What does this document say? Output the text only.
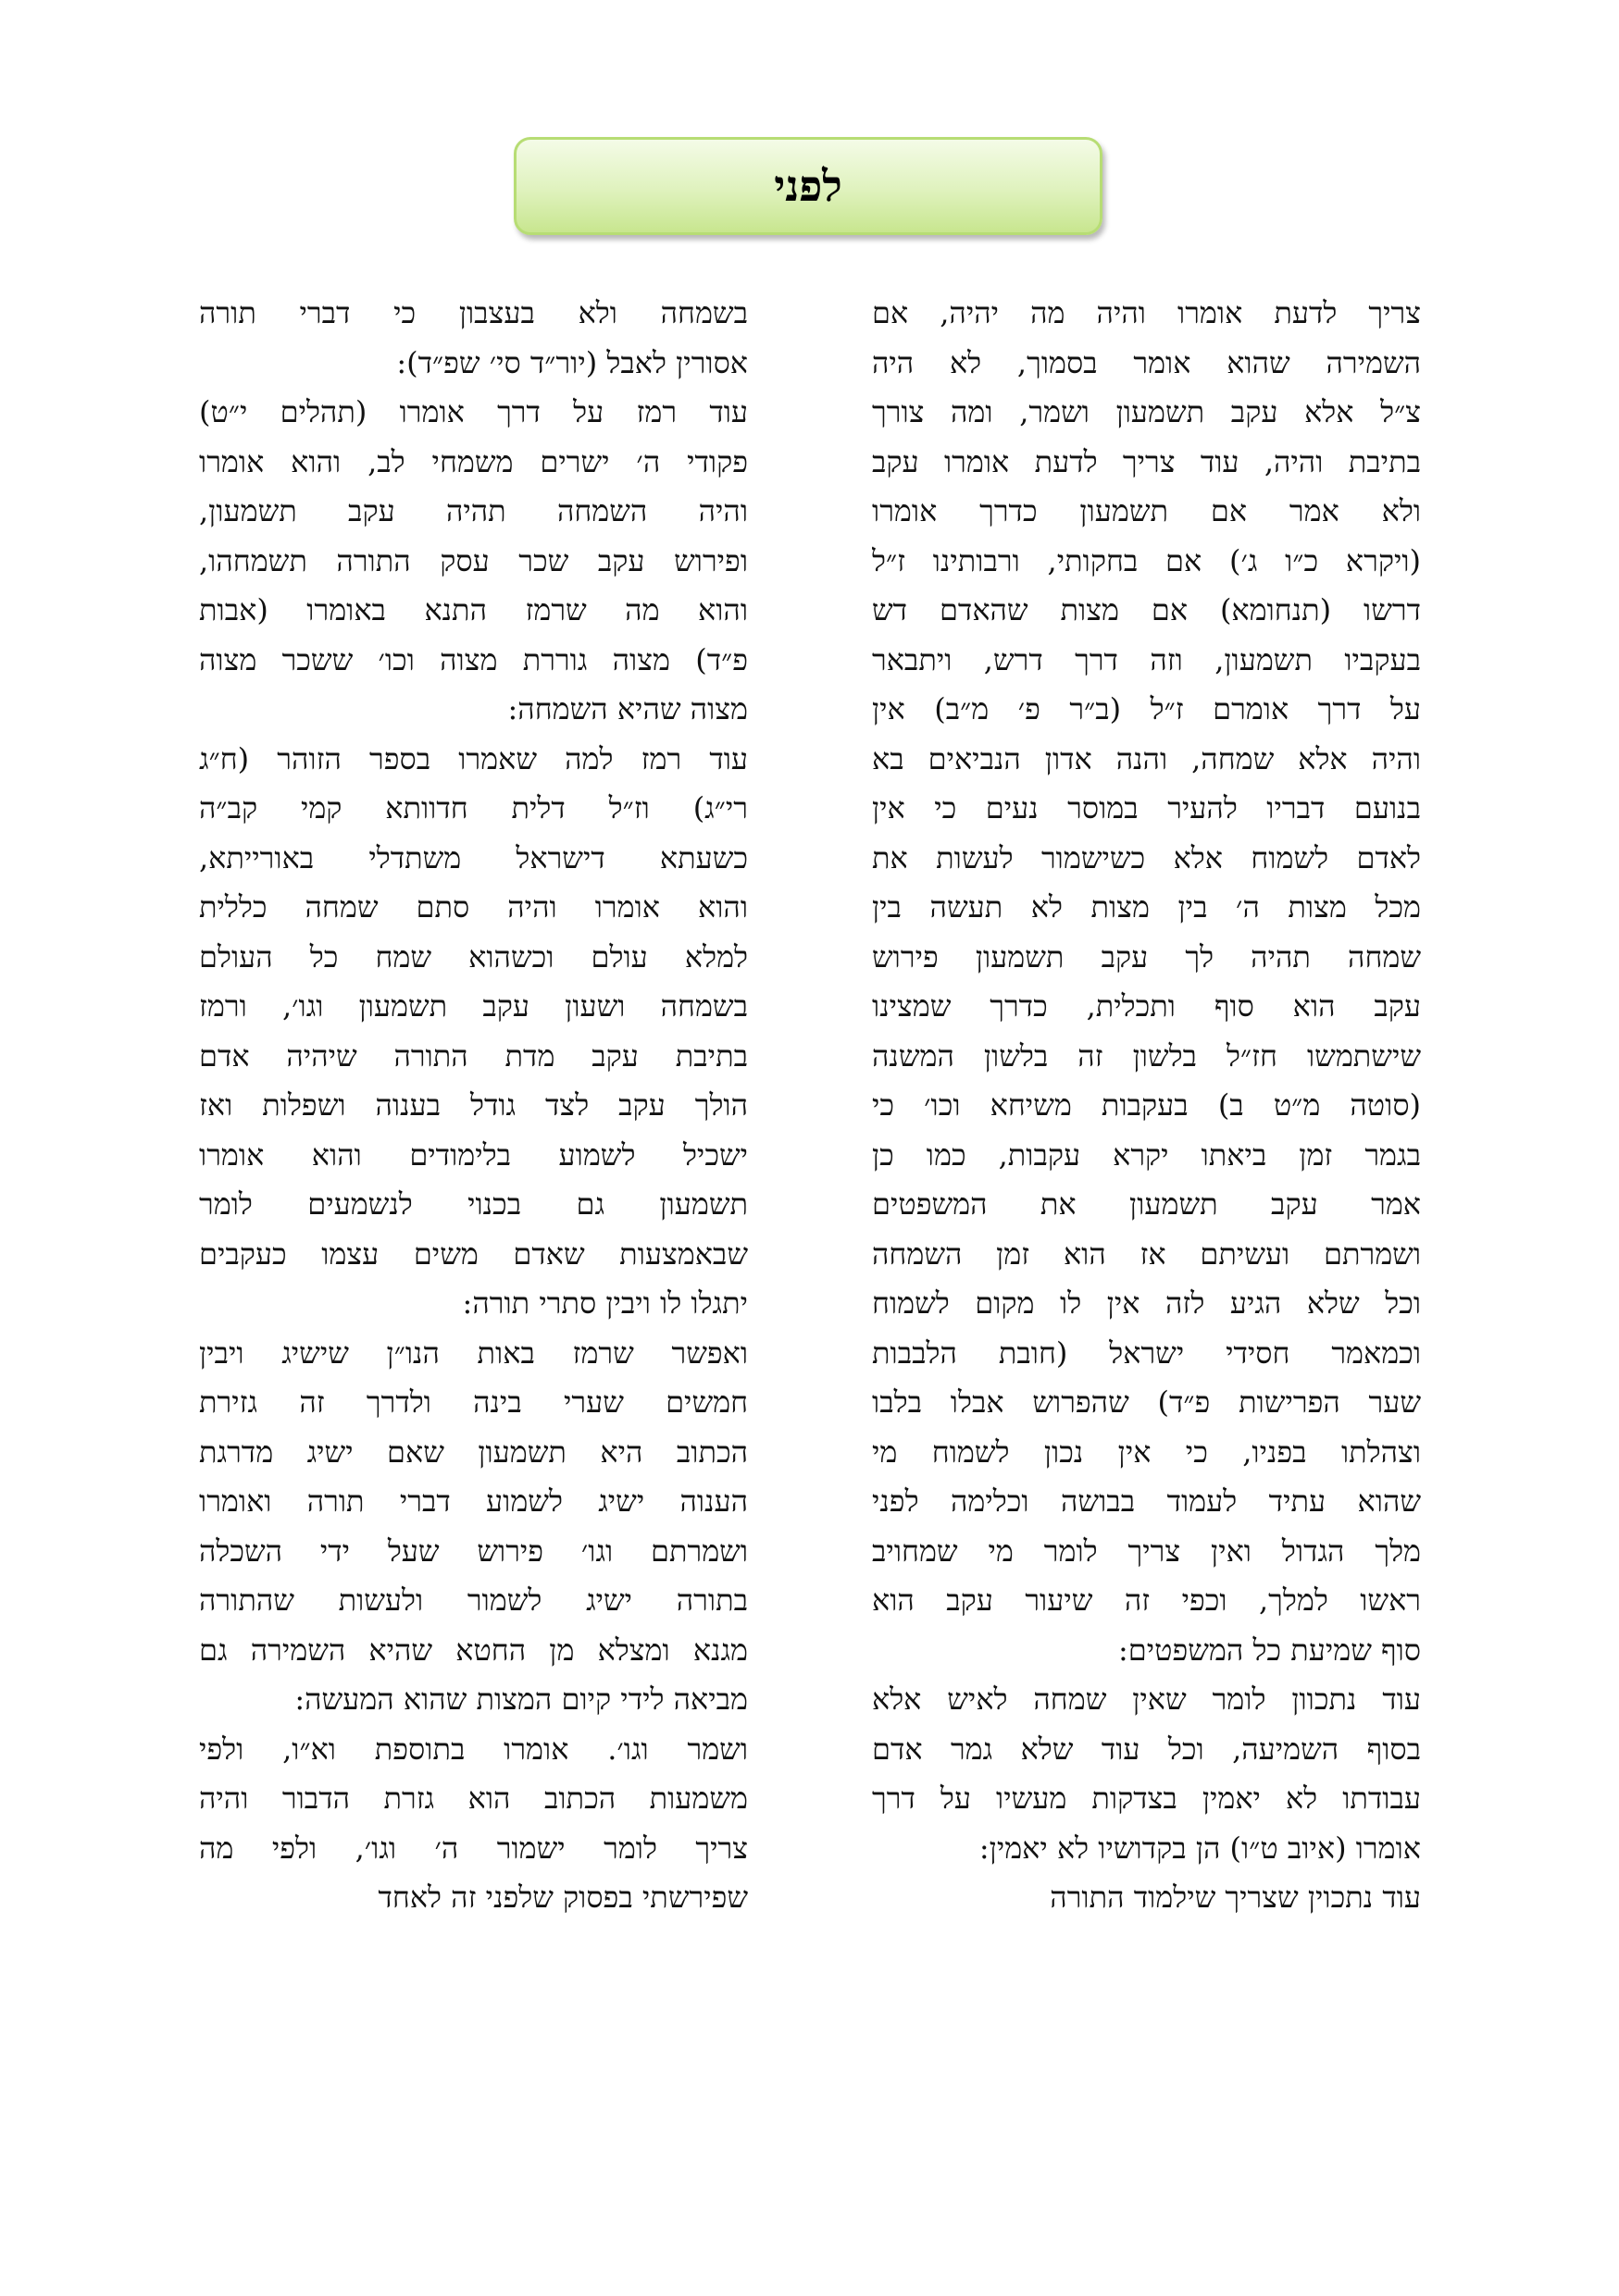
לפני
צריך לדעת אומרו והיה מה יהיה, אם
השמירה שהוא אומר בסמוך, לא היה
צ״ל אלא עקב תשמעון ושמר, ומה צורך
בתיבת והיה, עוד צריך לדעת אומרו עקב
ולא אמר אם תשמעון כדרך אומרו
(ויקרא כ״ו ג׳) אם בחקותי, ורבותינו ז״ל
דרשו (תנחומא) אם מצות שהאדם דש
בעקביו תשמעון, וזה דרך דרש, ויתבאר
על דרך אומרם ז״ל (ב״ר פ׳ מ״ב) אין
והיה אלא שמחה, והנה אדון הנביאים בא
בנועם דבריו להעיר במוסר נעים כי אין
לאדם לשמוח אלא כשישמור לעשות את
מכל מצות ה׳ בין מצות לא תעשה בין
שמחה תהיה לך עקב תשמעון פירוש
עקב הוא סוף ותכלית, כדרך שמצינו
שישתמשו חז״ל בלשון זה בלשון המשנה
(סוטה מ״ט ב) בעקבות משיחא וכו׳ כי
בגמר זמן ביאתו יקרא עקבות, כמו כן
אמר עקב תשמעון את המשפטים
ושמרתם ועשיתם אז הוא זמן השמחה
וכל שלא הגיע לזה אין לו מקום לשמוח
וכמאמר חסידי ישראל (חובת הלבבות
שער הפרישות פ״ד) שהפרוש אבלו בלבו
וצהלתו בפניו, כי אין נכון לשמוח מי
שהוא עתיד לעמוד בבושה וכלימה לפני
מלך הגדול ואין צריך לומר מי שמחויב
ראשו למלך, וכפי זה שיעור עקב הוא
סוף שמיעת כל המשפטים:
עוד נתכוון לומר שאין שמחה לאיש אלא
בסוף השמיעה, וכל עוד שלא גמר אדם
עבודתו לא יאמין בצדקות מעשיו על דרך
אומרו (איוב ט״ו) הן בקדושיו לא יאמין:
עוד נתכוין שצריך שילמוד התורה
בשמחה ולא בעצבון כי דברי תורה
אסורין לאבל (יור״ד סי׳ שפ״ד):
עוד רמז על דרך אומרו (תהלים י״ט)
פקודי ה׳ ישרים משמחי לב, והוא אומרו
והיה השמחה תהיה עקב תשמעון,
ופירוש עקב שכר עסק התורה תשמחהו,
והוא מה שרמז התנא באומרו (אבות
פ״ד) מצוה גוררת מצוה וכו׳ ששכר מצוה
מצוה שהיא השמחה:
עוד רמז למה שאמרו בספר הזוהר (ח״ג
רי״ג) וז״ל דלית חדוותא קמי קב״ה
כשעתא דישראל משתדלי באורייתא,
והוא אומרו והיה סתם שמחה כללית
למלא עולם וכשהוא שמח כל העולם
בשמחה ושעון עקב תשמעון וגו׳, ורמז
בתיבת עקב מדת התורה שיהיה אדם
הולך עקב לצד גודל בענוה ושפלות ואז
ישכיל לשמוע בלימודים והוא אומרו
תשמעון גם בכנוי לנשמעים לומר
שבאמצעות שאדם משים עצמו כעקבים
יתגלו לו ויבין סתרי תורה:
ואפשר שרמז באות הנו״ן שישיג ויבין
חמשים שערי בינה ולדרך זה גזירת
הכתוב היא תשמעון שאם ישיג מדרגת
הענוה ישיג לשמוע דברי תורה ואומרו
ושמרתם וגו׳ פירוש שעל ידי השכלה
בתורה ישיג לשמור ולעשות שהתורה
מגנא ומצלא מן החטא שהיא השמירה גם
מביאה לידי קיום המצות שהוא המעשה:
ושמר וגו׳. אומרו בתוספת וא״ו, ולפי
משמעות הכתוב הוא גזרת הדבור והיה
צריך לומר ישמור ה׳ וגו׳, ולפי מה
שפירשתי בפסוק שלפני זה לאחד
